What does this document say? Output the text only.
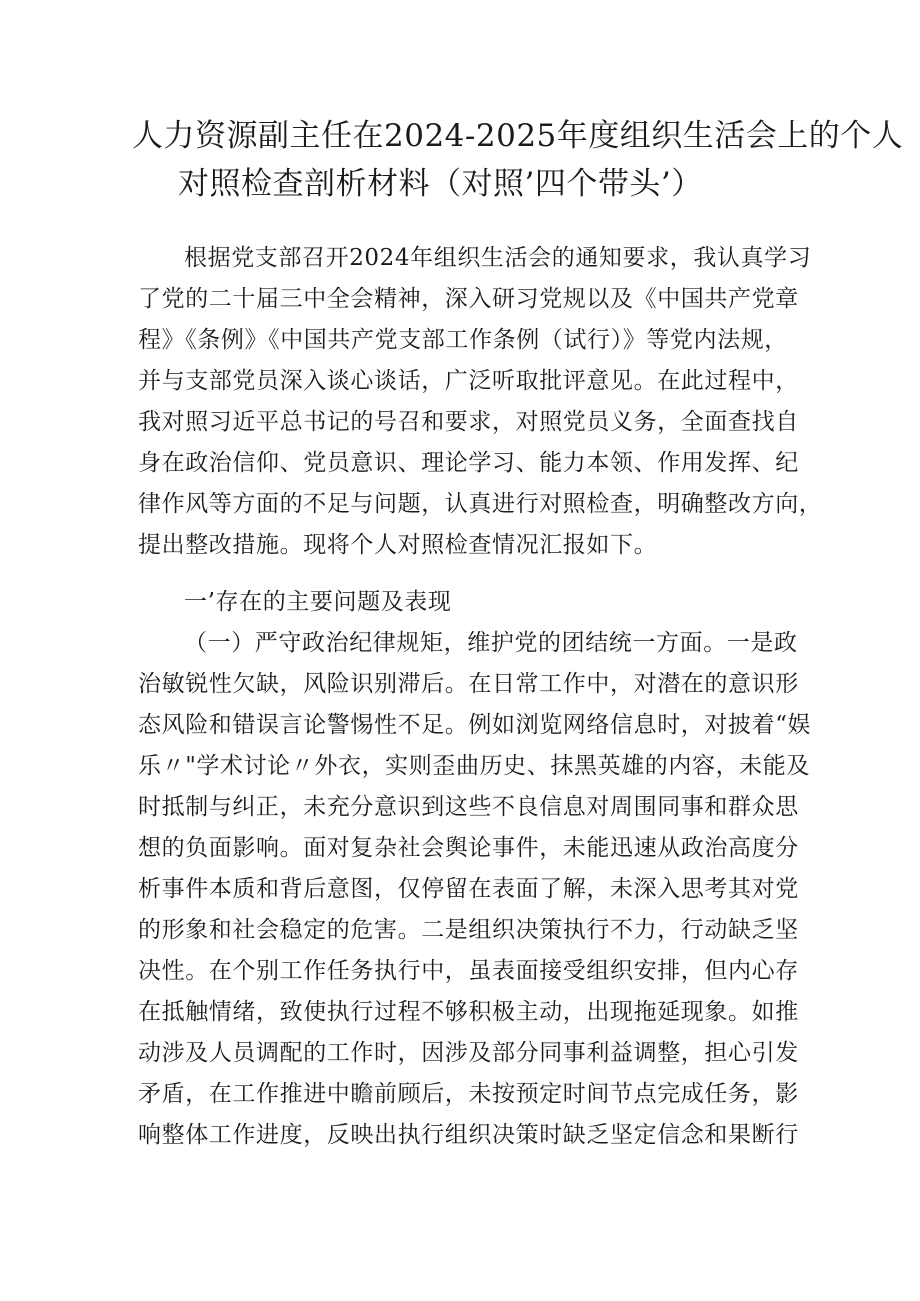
人力资源副主任在2024-2025年度组织生活会上的个人
对照检查剖析材料（对照’四个带头’）
根据党支部召开2024年组织生活会的通知要求，我认真学习
了党的二十届三中全会精神，深入研习党规以及《中国共产党章
程》《条例》《中国共产党支部工作条例（试行）》等党内法规，
并与支部党员深入谈心谈话，广泛听取批评意见。在此过程中，
我对照习近平总书记的号召和要求，对照党员义务，全面查找自
身在政治信仰、党员意识、理论学习、能力本领、作用发挥、纪
律作风等方面的不足与问题，认真进行对照检查，明确整改方向，
提出整改措施。现将个人对照检查情况汇报如下。
一’存在的主要问题及表现
（一）严守政治纪律规矩，维护党的团结统一方面。一是政
治敏锐性欠缺，风险识别滞后。在日常工作中，对潜在的意识形
态风险和错误言论警惕性不足。例如浏览网络信息时，对披着“娱
乐〃"学术讨论〃外衣，实则歪曲历史、抹黑英雄的内容，未能及
时抵制与纠正，未充分意识到这些不良信息对周围同事和群众思
想的负面影响。面对复杂社会舆论事件，未能迅速从政治高度分
析事件本质和背后意图，仅停留在表面了解，未深入思考其对党
的形象和社会稳定的危害。二是组织决策执行不力，行动缺乏坚
决性。在个别工作任务执行中，虽表面接受组织安排，但内心存
在抵触情绪，致使执行过程不够积极主动，出现拖延现象。如推
动涉及人员调配的工作时，因涉及部分同事利益调整，担心引发
矛盾，在工作推进中瞻前顾后，未按预定时间节点完成任务，影
响整体工作进度，反映出执行组织决策时缺乏坚定信念和果断行
